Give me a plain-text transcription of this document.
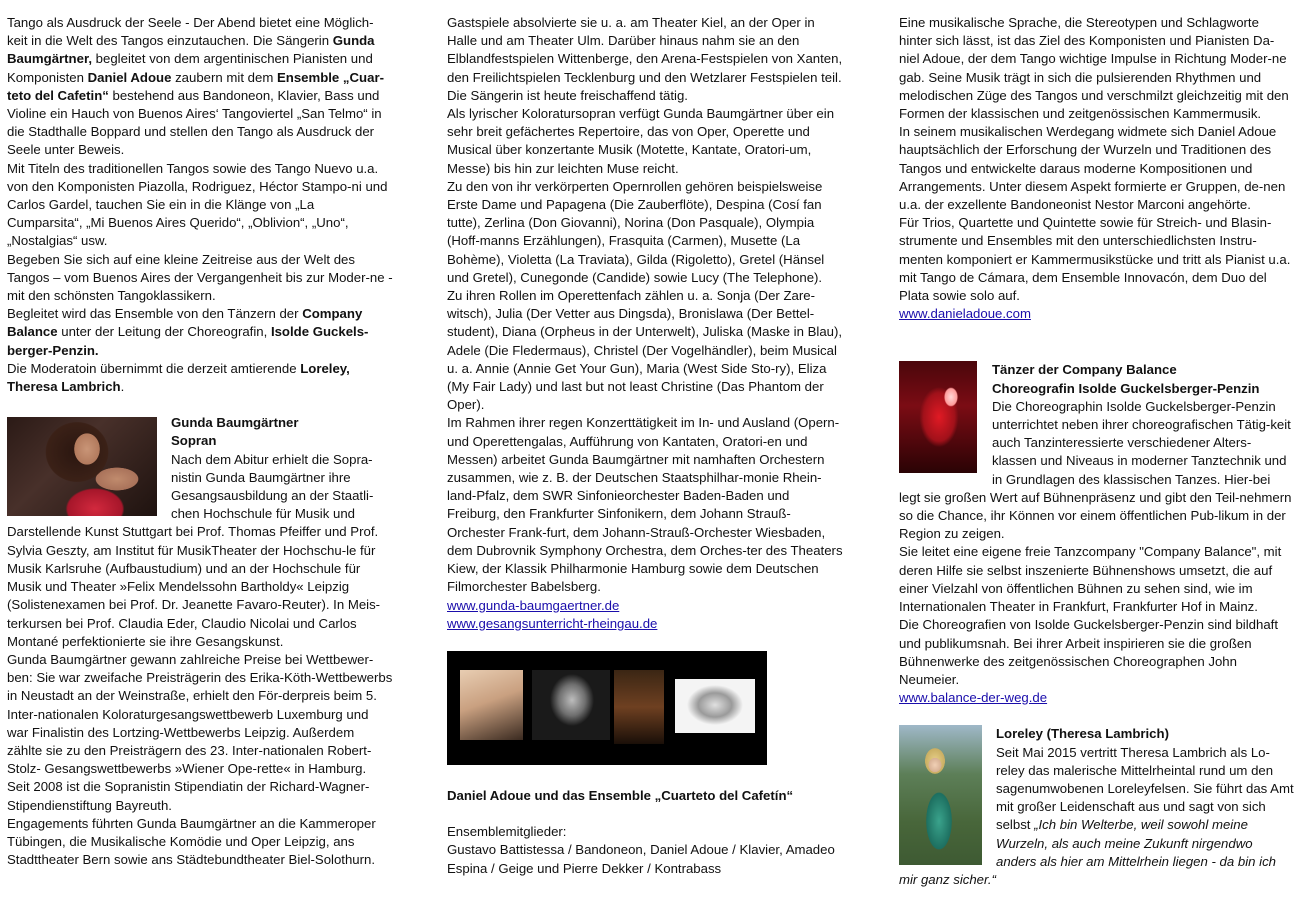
Tango als Ausdruck der Seele - Der Abend bietet eine Möglich-keit in die Welt des Tangos einzutauchen. Die Sängerin Gunda Baumgärtner, begleitet von dem argentinischen Pianisten und Komponisten Daniel Adoue zaubern mit dem Ensemble „Cuar-teto del Cafetin“ bestehend aus Bandoneon, Klavier, Bass und Violine ein Hauch von Buenos Aires‘ Tangoviertel „San Telmo“ in die Stadthalle Boppard und stellen den Tango als Ausdruck der Seele unter Beweis.

Mit Titeln des traditionellen Tangos sowie des Tango Nuevo u.a. von den Komponisten Piazolla, Rodriguez, Héctor Stampo-ni und Carlos Gardel, tauchen Sie ein in die Klänge von „La Cumparsita“, „Mi Buenos Aires Querido“, „Oblivion“, „Uno“, „Nostalgias“ usw.

Begeben Sie sich auf eine kleine Zeitreise aus der Welt des Tangos – vom Buenos Aires der Vergangenheit bis zur Moder-ne - mit den schönsten Tangoklassikern.

Begleitet wird das Ensemble von den Tänzern der Company Balance unter der Leitung der Choreografin, Isolde Guckels-berger-Penzin.

Die Moderatoin übernimmt die derzeit amtierende Loreley, Theresa Lambrich.

Gunda Baumgärtner
Sopran

Nach dem Abitur erhielt die Sopra-nistin Gunda Baumgärtner ihre Gesangsausbildung an der Staatli-chen Hochschule für Musik und Darstellende Kunst Stuttgart bei Prof. Thomas Pfeiffer und Prof. Sylvia Geszty, am Institut für MusikTheater der Hochschu-le für Musik Karlsruhe (Aufbaustudium) und an der Hochschule für Musik und Theater »Felix Mendelssohn Bartholdy« Leipzig (Solistenexamen bei Prof. Dr. Jeanette Favaro-Reuter). In Meis-terkursen bei Prof. Claudia Eder, Claudio Nicolai und Carlos Montané perfektionierte sie ihre Gesangskunst.

Gunda Baumgärtner gewann zahlreiche Preise bei Wettbewer-ben: Sie war zweifache Preisträgerin des Erika-Köth-Wettbewerbs in Neustadt an der Weinstraße, erhielt den För-derpreis beim 5. Inter-nationalen Koloraturgesangswettbewerb Luxemburg und war Finalistin des Lortzing-Wettbewerbs Leipzig. Außerdem zählte sie zu den Preisträgern des 23. Inter-nationalen Robert-Stolz- Gesangswettbewerbs »Wiener Ope-rette« in Hamburg.

Seit 2008 ist die Sopranistin Stipendiatin der Richard-Wagner-Stipendienstiftung Bayreuth.

Engagements führten Gunda Baumgärtner an die Kammeroper Tübingen, die Musikalische Komödie und Oper Leipzig, ans Stadttheater Bern sowie ans Städtebundtheater Biel-Solothurn.

Gastspiele absolvierte sie u. a. am Theater Kiel, an der Oper in Halle und am Theater Ulm. Darüber hinaus nahm sie an den Elblandfestspielen Wittenberge, den Arena-Festspielen von Xanten, den Freilichtspielen Tecklenburg und den Wetzlarer Festspielen teil. Die Sängerin ist heute freischaffend tätig.

Als lyrischer Koloratursopran verfügt Gunda Baumgärtner über ein sehr breit gefächertes Repertoire, das von Oper, Operette und Musical über konzertante Musik (Motette, Kantate, Oratori-um, Messe) bis hin zur leichten Muse reicht.

Zu den von ihr verkörperten Opernrollen gehören beispielsweise Erste Dame und Papagena (Die Zauberflöte), Despina (Cosí fan tutte), Zerlina (Don Giovanni), Norina (Don Pasquale), Olympia (Hoff-manns Erzählungen), Frasquita (Carmen), Musette (La Bohème), Violetta (La Traviata), Gilda (Rigoletto), Gretel (Hänsel und Gretel), Cunegonde (Candide) sowie Lucy (The Telephone).

Zu ihren Rollen im Operettenfach zählen u. a. Sonja (Der Zare-witsch), Julia (Der Vetter aus Dingsda), Bronislawa (Der Bettel-student), Diana (Orpheus in der Unterwelt), Juliska (Maske in Blau), Adele (Die Fledermaus), Christel (Der Vogelhändler), beim Musical u. a. Annie (Annie Get Your Gun), Maria (West Side Sto-ry), Eliza (My Fair Lady) und last but not least Christine (Das Phantom der Oper).

Im Rahmen ihrer regen Konzerttätigkeit im In- und Ausland (Opern- und Operettengalas, Aufführung von Kantaten, Oratori-en und Messen) arbeitet Gunda Baumgärtner mit namhaften Orchestern zusammen, wie z. B. der Deutschen Staatsphilhar-monie Rhein-land-Pfalz, dem SWR Sinfonieorchester Baden-Baden und Freiburg, den Frankfurter Sinfonikern, dem Johann Strauß-Orchester Frank-furt, dem Johann-Strauß-Orchester Wiesbaden, dem Dubrovnik Symphony Orchestra, dem Orches-ter des Theaters Kiew, der Klassik Philharmonie Hamburg sowie dem Deutschen Filmorchester Babelsberg.

www.gunda-baumgaertner.de

www.gesangsunterricht-rheingau.de

Daniel Adoue und das Ensemble „Cuarteto del Cafetín“

Ensemblemitglieder:

Gustavo Battistessa / Bandoneon, Daniel Adoue / Klavier, Amadeo Espina / Geige und Pierre Dekker / Kontrabass

Eine musikalische Sprache, die Stereotypen und Schlagworte hinter sich lässt, ist das Ziel des Komponisten und Pianisten Da-niel Adoue, der dem Tango wichtige Impulse in Richtung Moder-ne gab. Seine Musik trägt in sich die pulsierenden Rhythmen und melodischen Züge des Tangos und verschmilzt gleichzeitig mit den Formen der klassischen und zeitgenössischen Kammermusik.

In seinem musikalischen Werdegang widmete sich Daniel Adoue hauptsächlich der Erforschung der Wurzeln und Traditionen des Tangos und entwickelte daraus moderne Kompositionen und Arrangements. Unter diesem Aspekt formierte er Gruppen, de-nen u.a. der exzellente Bandoneonist Nestor Marconi angehörte.

Für Trios, Quartette und Quintette sowie für Streich- und Blasin-strumente und Ensembles mit den unterschiedlichsten Instru-menten komponiert er Kammermusikstücke und tritt als Pianist u.a. mit Tango de Cámara, dem Ensemble Innovacón, dem Duo del Plata sowie solo auf.

www.danieladoue.com

Tänzer der Company Balance

Choreografin Isolde Guckelsberger-Penzin

Die Choreographin Isolde Guckelsberger-Penzin unterrichtet neben ihrer choreografischen Tätig-keit auch Tanzinteressierte verschiedener Alters-klassen und Niveaus in moderner Tanztechnik und in Grundlagen des klassischen Tanzes. Hier-bei legt sie großen Wert auf Bühnenpräsenz und gibt den Teil-nehmern so die Chance, ihr Können vor einem öffentlichen Pub-likum in der Region zu zeigen.

Sie leitet eine eigene freie Tanzcompany "Company Balance", mit deren Hilfe sie selbst inszenierte Bühnenshows umsetzt, die auf einer Vielzahl von öffentlichen Bühnen zu sehen sind, wie im Internationalen Theater in Frankfurt, Frankfurter Hof in Mainz.

Die Choreografien von Isolde Guckelsberger-Penzin sind bildhaft und publikumsnah. Bei ihrer Arbeit inspirieren sie die großen Bühnenwerke des zeitgenössischen Choreographen John Neumeier.

www.balance-der-weg.de

Loreley (Theresa Lambrich)

Seit Mai 2015 vertritt Theresa Lambrich als Lo-reley das malerische Mittelrheintal rund um den sagenumwobenen Loreleyfelsen. Sie führt das Amt mit großer Leidenschaft aus und sagt von sich selbst „Ich bin Welterbe, weil sowohl meine Wurzeln, als auch meine Zukunft nirgendwo anders als hier am Mittelrhein liegen - da bin ich mir ganz sicher.“
